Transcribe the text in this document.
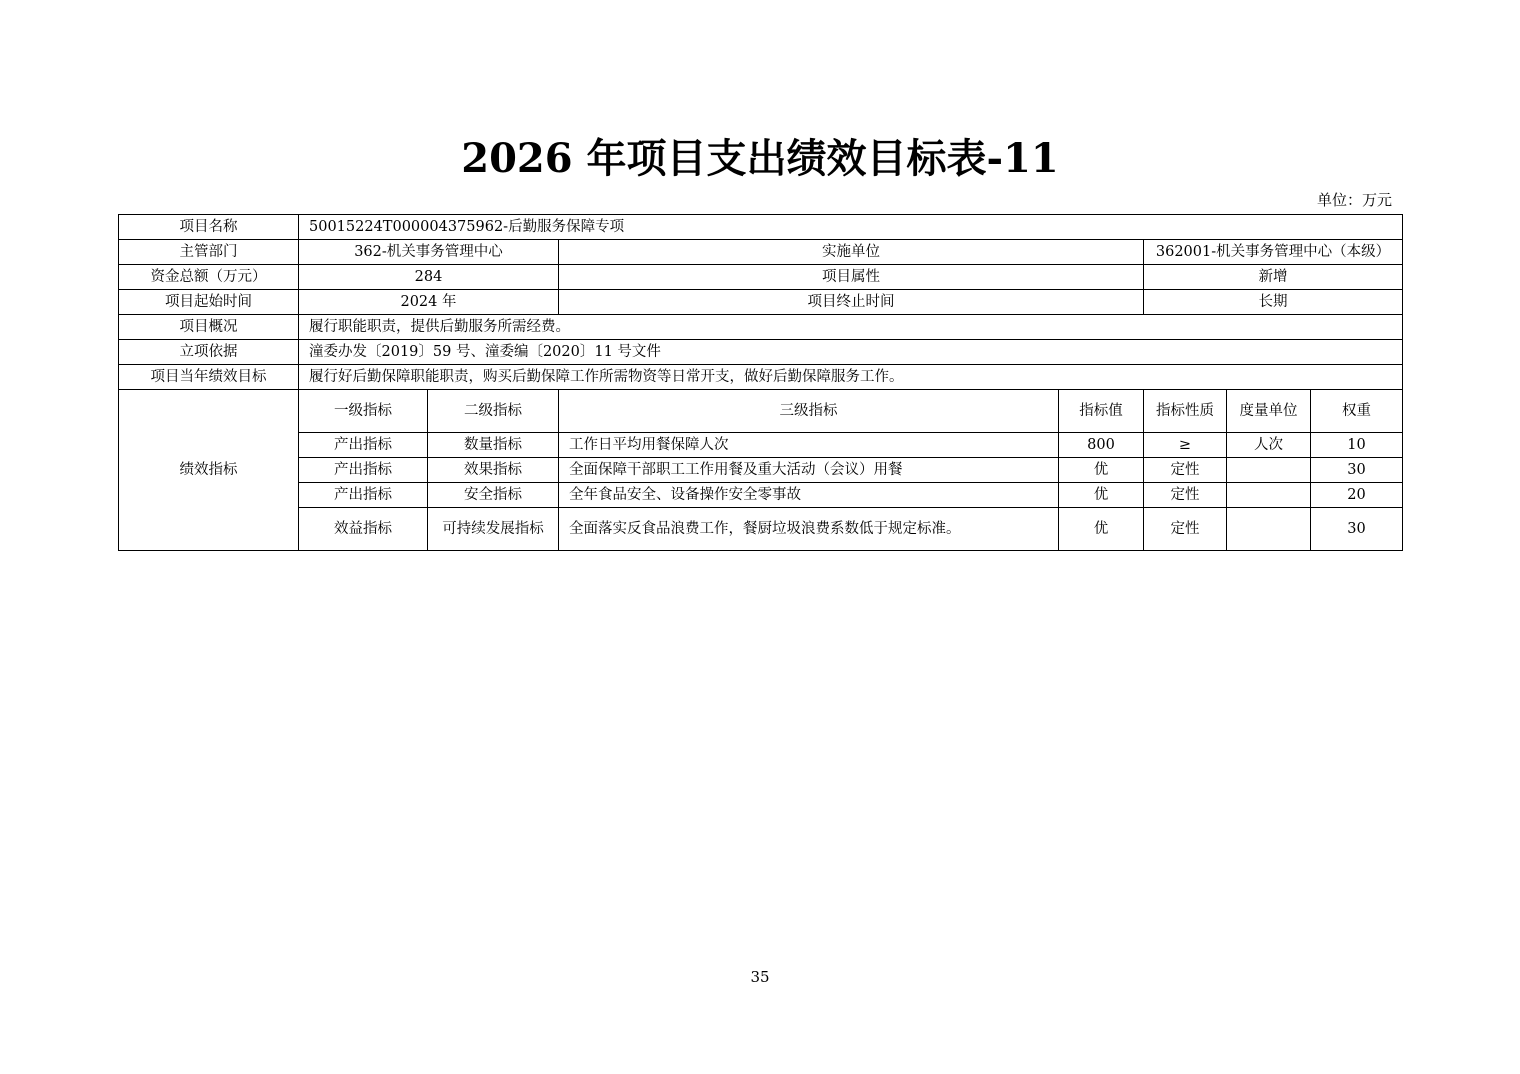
2026 年项目支出绩效目标表-11
单位：万元
项目名称	50015224T000004375962-后勤服务保障专项						
主管部门	362-机关事务管理中心		实施单位		362001-机关事务管理中心（本级）		
资金总额（万元）	284		项目属性		新增		
项目起始时间	2024 年		项目终止时间		长期		
项目概况	履行职能职责，提供后勤服务所需经费。						
立项依据	潼委办发〔2019〕59 号、潼委编〔2020〕11 号文件						
项目当年绩效目标	履行好后勤保障职能职责，购买后勤保障工作所需物资等日常开支，做好后勤保障服务工作。						
绩效指标	一级指标	二级指标	三级指标	指标值	指标性质	度量单位	权重
	产出指标	数量指标	工作日平均用餐保障人次	800	≥	人次	10
	产出指标	效果指标	全面保障干部职工工作用餐及重大活动（会议）用餐	优	定性		30
	产出指标	安全指标	全年食品安全、设备操作安全零事故	优	定性		20
	效益指标	可持续发展指标	全面落实反食品浪费工作，餐厨垃圾浪费系数低于规定标准。	优	定性		30
35
